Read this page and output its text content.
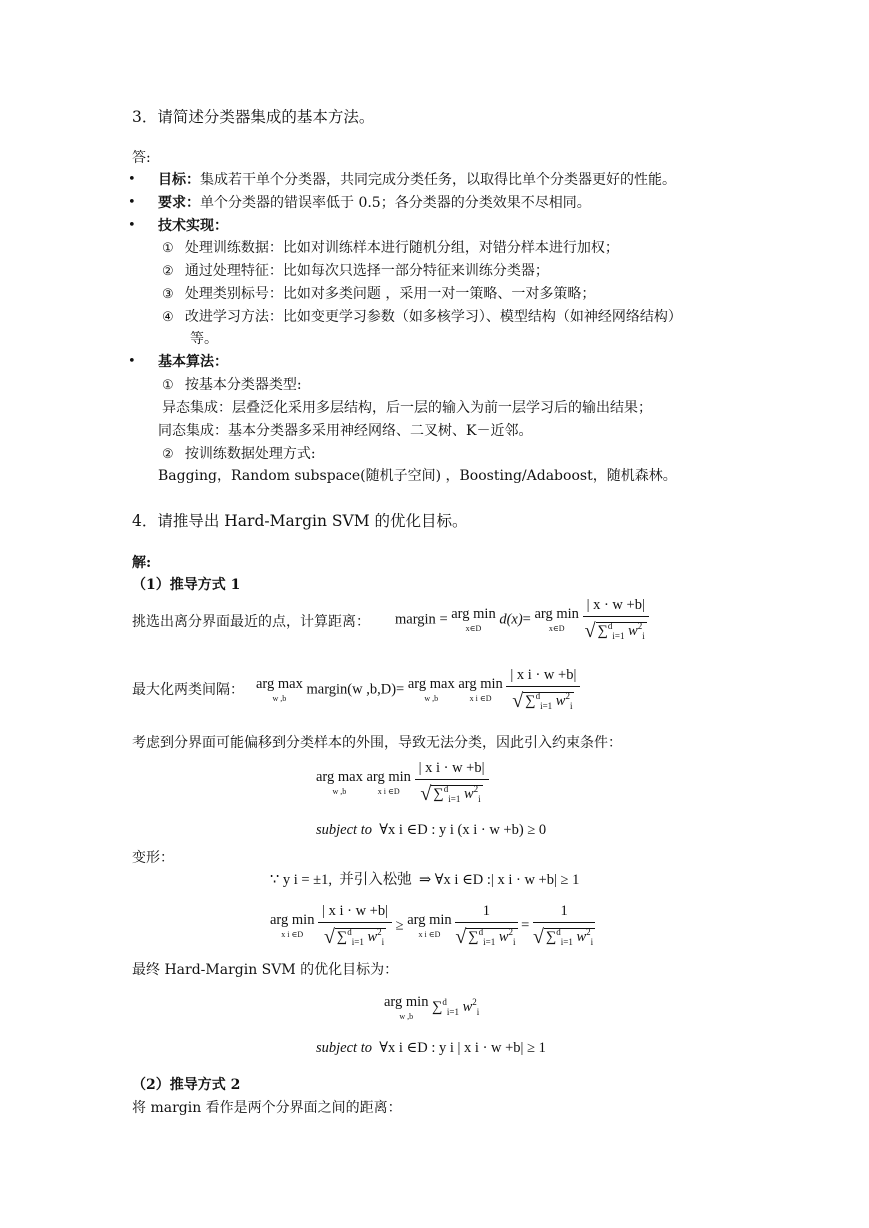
3．请简述分类器集成的基本方法。
答:
• 目标：集成若干单个分类器，共同完成分类任务，以取得比单个分类器更好的性能。
• 要求：单个分类器的错误率低于 0.5；各分类器的分类效果不尽相同。
• 技术实现：
① 处理训练数据：比如对训练样本进行随机分组，对错分样本进行加权；
② 通过处理特征：比如每次只选择一部分特征来训练分类器；
③ 处理类别标号：比如对多类问题 ，采用一对一策略、一对多策略；
④ 改进学习方法：比如变更学习参数（如多核学习）、模型结构（如神经网络结构）
等。
• 基本算法：
① 按基本分类器类型:
异态集成：层叠泛化采用多层结构，后一层的输入为前一层学习后的输出结果；
同态集成：基本分类器多采用神经网络、二叉树、K－近邻。
② 按训练数据处理方式:
Bagging，Random subspace(随机子空间) ，Boosting/Adaboost，随机森林。
4．请推导出 Hard-Margin SVM 的优化目标。
解:
（1）推导方式 1
挑选出离分界面最近的点，计算距离： margin = arg min
x∈D
d(x)= arg min
x∈D
	$\frac{| x \cdot w +b|}{√ \sum^d_{i=1} w^2_i}$
最大化两类间隔： arg max
w ,b
margin(w ,b,D)= arg max
w ,b

arg min
x i ∈D
	$\frac{\text{| x i · w +b|}}{√ \sum^d_{i=1} w^2_i}$
考虑到分界面可能偏移到分类样本的外围，导致无法分类，因此引入约束条件：
arg max
w ,b

arg min
x i ∈D
	$\frac{\text{| x i · w +b|}}{√ \sum^d_{i=1} w^2_i}$
subject to ∀x i ∈D : y i (x i · w +b) ≥ 0
变形：
∵ y i = ±1, 并引入松弛 ⇒ ∀x i ∈D :| x i · w +b| ≥ 1
arg min
x i ∈D
	$\frac{\text{| x i · w +b|}}{√ \sum^d_{i=1} w^2_i}$ ≥ arg min
x i ∈D
	$\frac{1}{√ \sum^d_{i=1} w^2_i} = \frac{1}{√ \sum^d_{i=1} w^2_i}$
最终 Hard-Margin SVM 的优化目标为：
arg min
w ,b
∑$^d_{i=1}$ $w^2_i$
subject to ∀x i ∈D : y i | x i · w +b| ≥ 1
（2）推导方式 2
将 margin 看作是两个分界面之间的距离：
